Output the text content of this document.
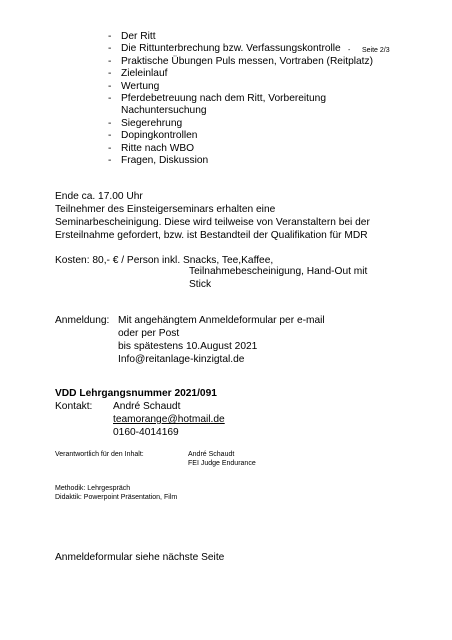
- Der Ritt
- Die Rittunterbrechung bzw. Verfassungskontrolle
- Praktische Übungen Puls messen, Vortraben (Reitplatz)
- Zieleinlauf
- Wertung
- Pferdebetreuung nach dem Ritt, Vorbereitung
Nachuntersuchung
- Siegerehrung
- Dopingkontrollen
- Ritte nach WBO
- Fragen, Diskussion
- Seite 2/3
Ende ca. 17.00 Uhr
Teilnehmer des Einsteigerseminars erhalten eine
Seminarbescheinigung. Diese wird teilweise von Veranstaltern bei der
Ersteilnahme gefordert, bzw. ist Bestandteil der Qualifikation für MDR
Kosten: 80,- € / Person inkl. Snacks, Tee,Kaffee,
Teilnahmebescheinigung, Hand-Out mit
Stick
Anmeldung: Mit angehängtem Anmeldeformular per e-mail
oder per Post
bis spätestens 10.August 2021
Info@reitanlage-kinzigtal.de
VDD Lehrgangsnummer 2021/091
Kontakt: André Schaudt
teamorange@hotmail.de
0160-4014169
Verantwortlich für den Inhalt:	André Schaudt
FEI Judge Endurance
Methodik: Lehrgespräch
Didaktik: Powerpoint Präsentation, Film
Anmeldeformular siehe nächste Seite
